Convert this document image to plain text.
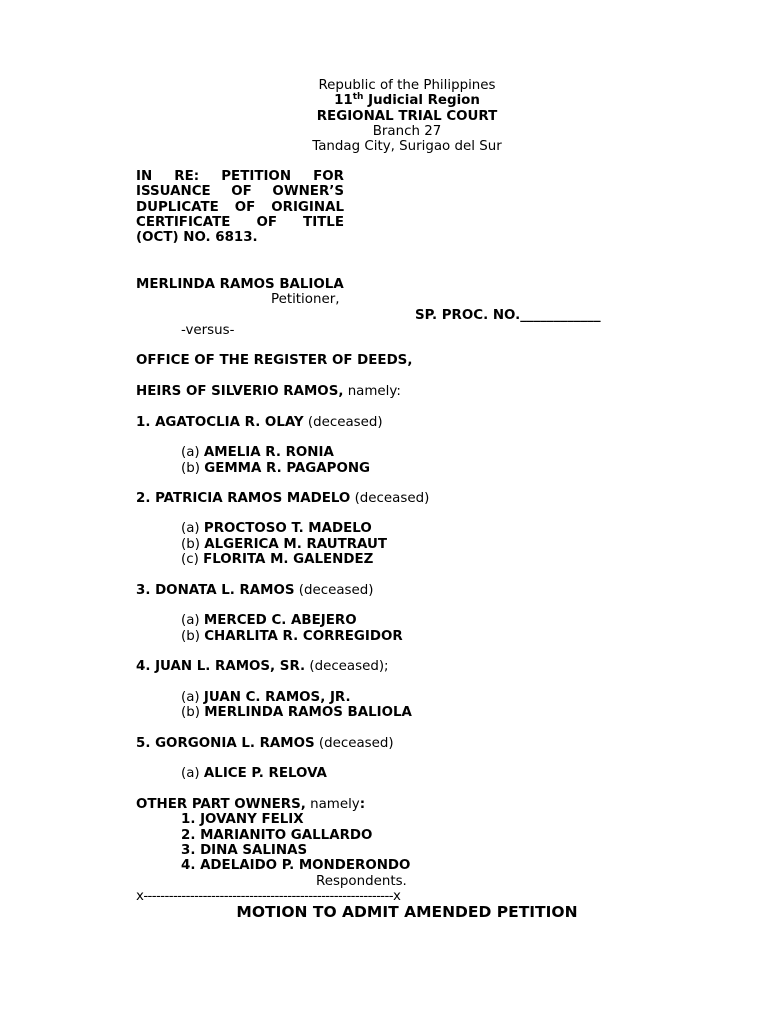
Republic of the Philippines
11th Judicial Region
REGIONAL TRIAL COURT
Branch 27
Tandag City, Surigao del Sur
IN RE: PETITION FOR ISSUANCE OF OWNER’S DUPLICATE OF ORIGINAL CERTIFICATE OF TITLE (OCT) NO. 6813.
MERLINDA RAMOS BALIOLA
Petitioner,
SP. PROC. NO.____________
-versus-
OFFICE OF THE REGISTER OF DEEDS,
HEIRS OF SILVERIO RAMOS, namely:
1. AGATOCLIA R. OLAY (deceased)
(a) AMELIA R. RONIA
(b) GEMMA R. PAGAPONG
2. PATRICIA RAMOS MADELO (deceased)
(a) PROCTOSO T. MADELO
(b) ALGERICA M. RAUTRAUT
(c) FLORITA M. GALENDEZ
3. DONATA L. RAMOS (deceased)
(a) MERCED C. ABEJERO
(b) CHARLITA R. CORREGIDOR
4. JUAN L. RAMOS, SR. (deceased);
(a) JUAN C. RAMOS, JR.
(b) MERLINDA RAMOS BALIOLA
5. GORGONIA L. RAMOS (deceased)
(a) ALICE P. RELOVA
OTHER PART OWNERS, namely:
1. JOVANY FELIX
2. MARIANITO GALLARDO
3. DINA SALINAS
4. ADELAIDO P. MONDERONDO
Respondents.
x-----------------------------------------------------------x
MOTION TO ADMIT AMENDED PETITION
